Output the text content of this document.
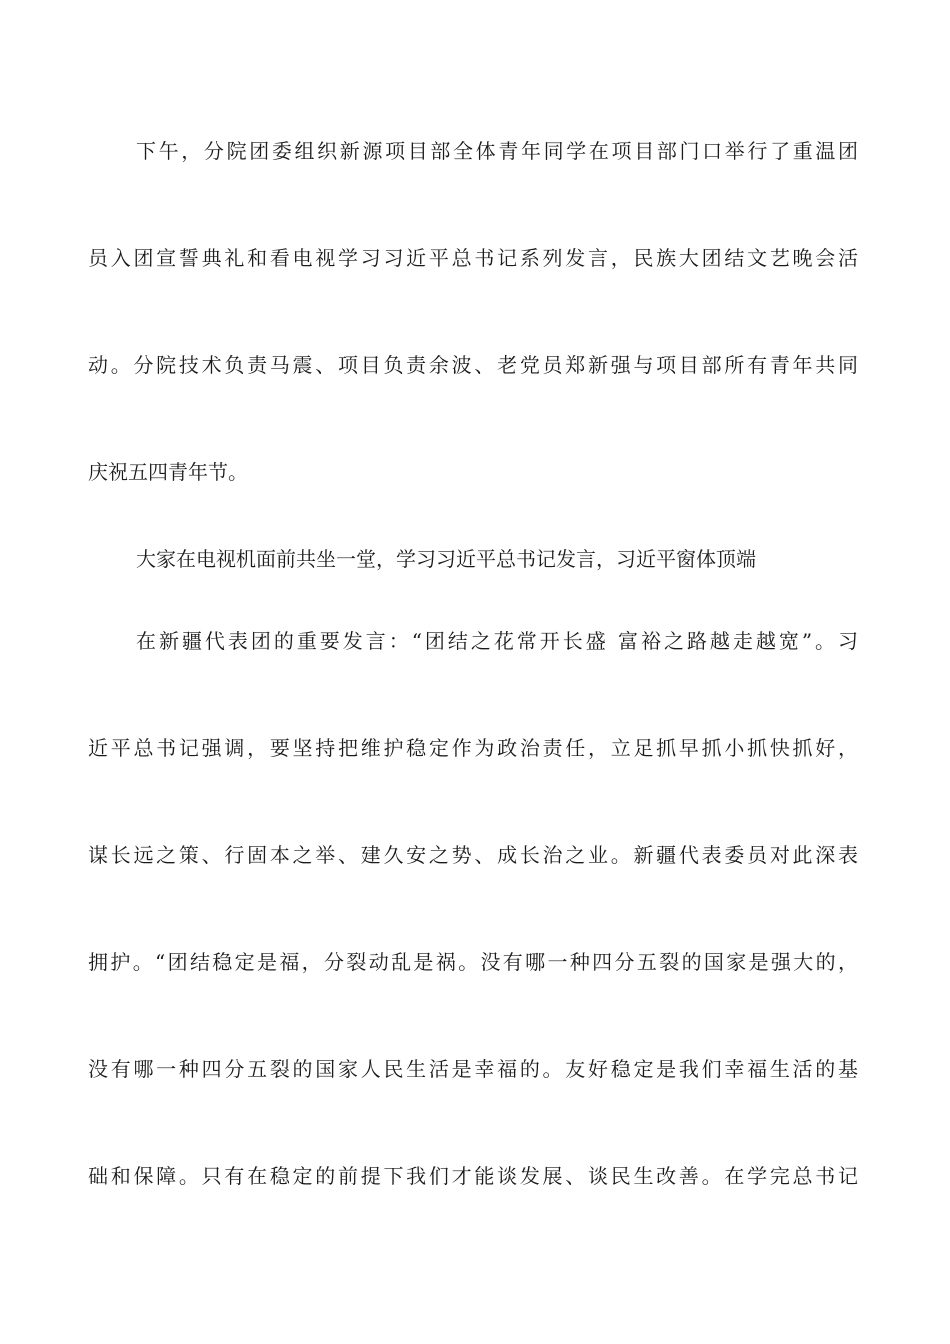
下午，分院团委组织新源项目部全体青年同学在项目部门口举行了重温团
员入团宣誓典礼和看电视学习习近平总书记系列发言，民族大团结文艺晚会活
动。分院技术负责马震、项目负责余波、老党员郑新强与项目部所有青年共同
庆祝五四青年节。
大家在电视机面前共坐一堂，学习习近平总书记发言，习近平窗体顶端
在新疆代表团的重要发言：“团结之花常开长盛 富裕之路越走越宽”。习
近平总书记强调，要坚持把维护稳定作为政治责任，立足抓早抓小抓快抓好，
谋长远之策、行固本之举、建久安之势、成长治之业。新疆代表委员对此深表
拥护。“团结稳定是福，分裂动乱是祸。没有哪一种四分五裂的国家是强大的，
没有哪一种四分五裂的国家人民生活是幸福的。友好稳定是我们幸福生活的基
础和保障。只有在稳定的前提下我们才能谈发展、谈民生改善。在学完总书记
